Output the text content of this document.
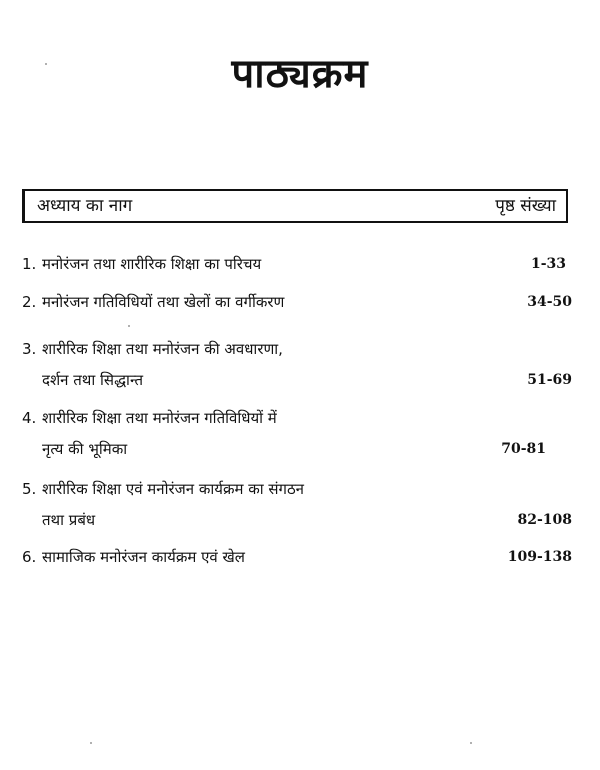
पाठ्यक्रम
अध्याय का नाग	पृष्ठ संख्या
1. मनोरंजन तथा शारीरिक शिक्षा का परिचय	1-33
2. मनोरंजन गतिविधियों तथा खेलों का वर्गीकरण	34-50
3. शारीरिक शिक्षा तथा मनोरंजन की अवधारणा,
दर्शन तथा सिद्धान्त	51-69
4. शारीरिक शिक्षा तथा मनोरंजन गतिविधियों में
नृत्य की भूमिका	70-81
5. शारीरिक शिक्षा एवं मनोरंजन कार्यक्रम का संगठन
तथा प्रबंध	82-108
6. सामाजिक मनोरंजन कार्यक्रम एवं खेल	109-138
